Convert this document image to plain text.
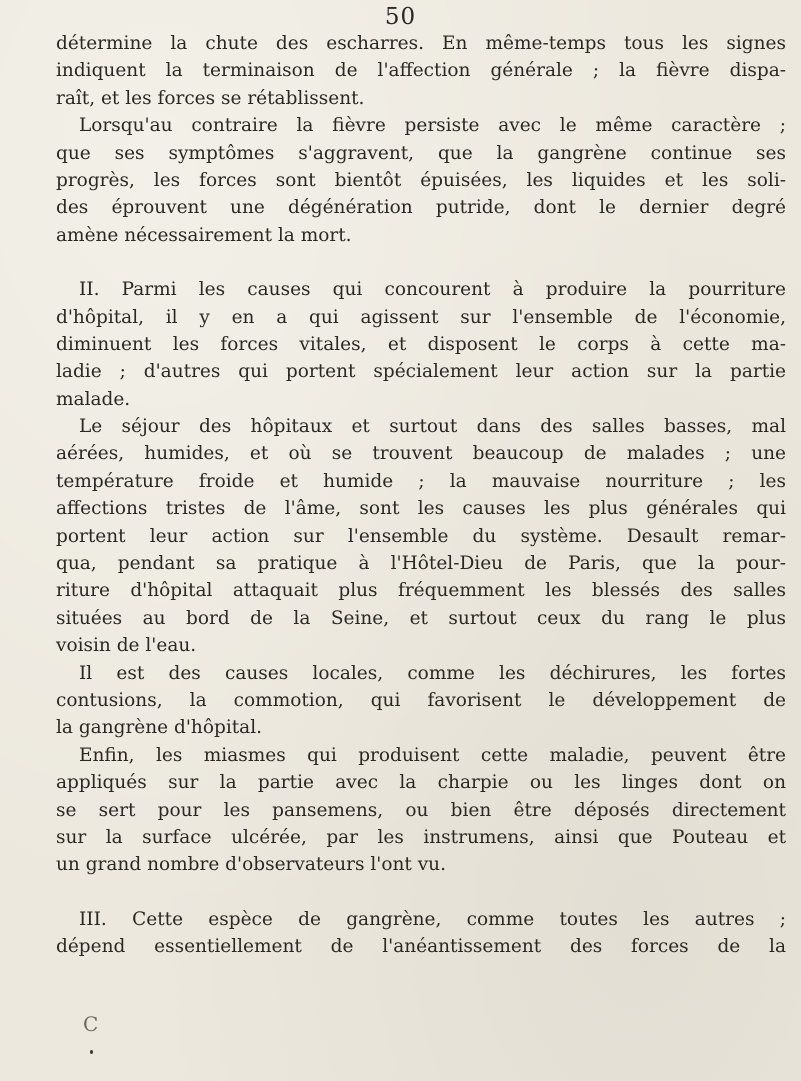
50
détermine la chute des escharres. En même-temps tous les signes
indiquent la terminaison de l'affection générale ; la fièvre dispa-
raît, et les forces se rétablissent.
Lorsqu'au contraire la fièvre persiste avec le même caractère ;
que ses symptômes s'aggravent, que la gangrène continue ses
progrès, les forces sont bientôt épuisées, les liquides et les soli-
des éprouvent une dégénération putride, dont le dernier degré
amène nécessairement la mort.
II. Parmi les causes qui concourent à produire la pourriture
d'hôpital, il y en a qui agissent sur l'ensemble de l'économie,
diminuent les forces vitales, et disposent le corps à cette ma-
ladie ; d'autres qui portent spécialement leur action sur la partie
malade.
Le séjour des hôpitaux et surtout dans des salles basses, mal
aérées, humides, et où se trouvent beaucoup de malades ; une
température froide et humide ; la mauvaise nourriture ; les
affections tristes de l'âme, sont les causes les plus générales qui
portent leur action sur l'ensemble du système. Desault remar-
qua, pendant sa pratique à l'Hôtel-Dieu de Paris, que la pour-
riture d'hôpital attaquait plus fréquemment les blessés des salles
situées au bord de la Seine, et surtout ceux du rang le plus
voisin de l'eau.
Il est des causes locales, comme les déchirures, les fortes
contusions, la commotion, qui favorisent le développement de
la gangrène d'hôpital.
Enfin, les miasmes qui produisent cette maladie, peuvent être
appliqués sur la partie avec la charpie ou les linges dont on
se sert pour les pansemens, ou bien être déposés directement
sur la surface ulcérée, par les instrumens, ainsi que Pouteau et
un grand nombre d'observateurs l'ont vu.
III. Cette espèce de gangrène, comme toutes les autres ;
dépend essentiellement de l'anéantissement des forces de la
C
